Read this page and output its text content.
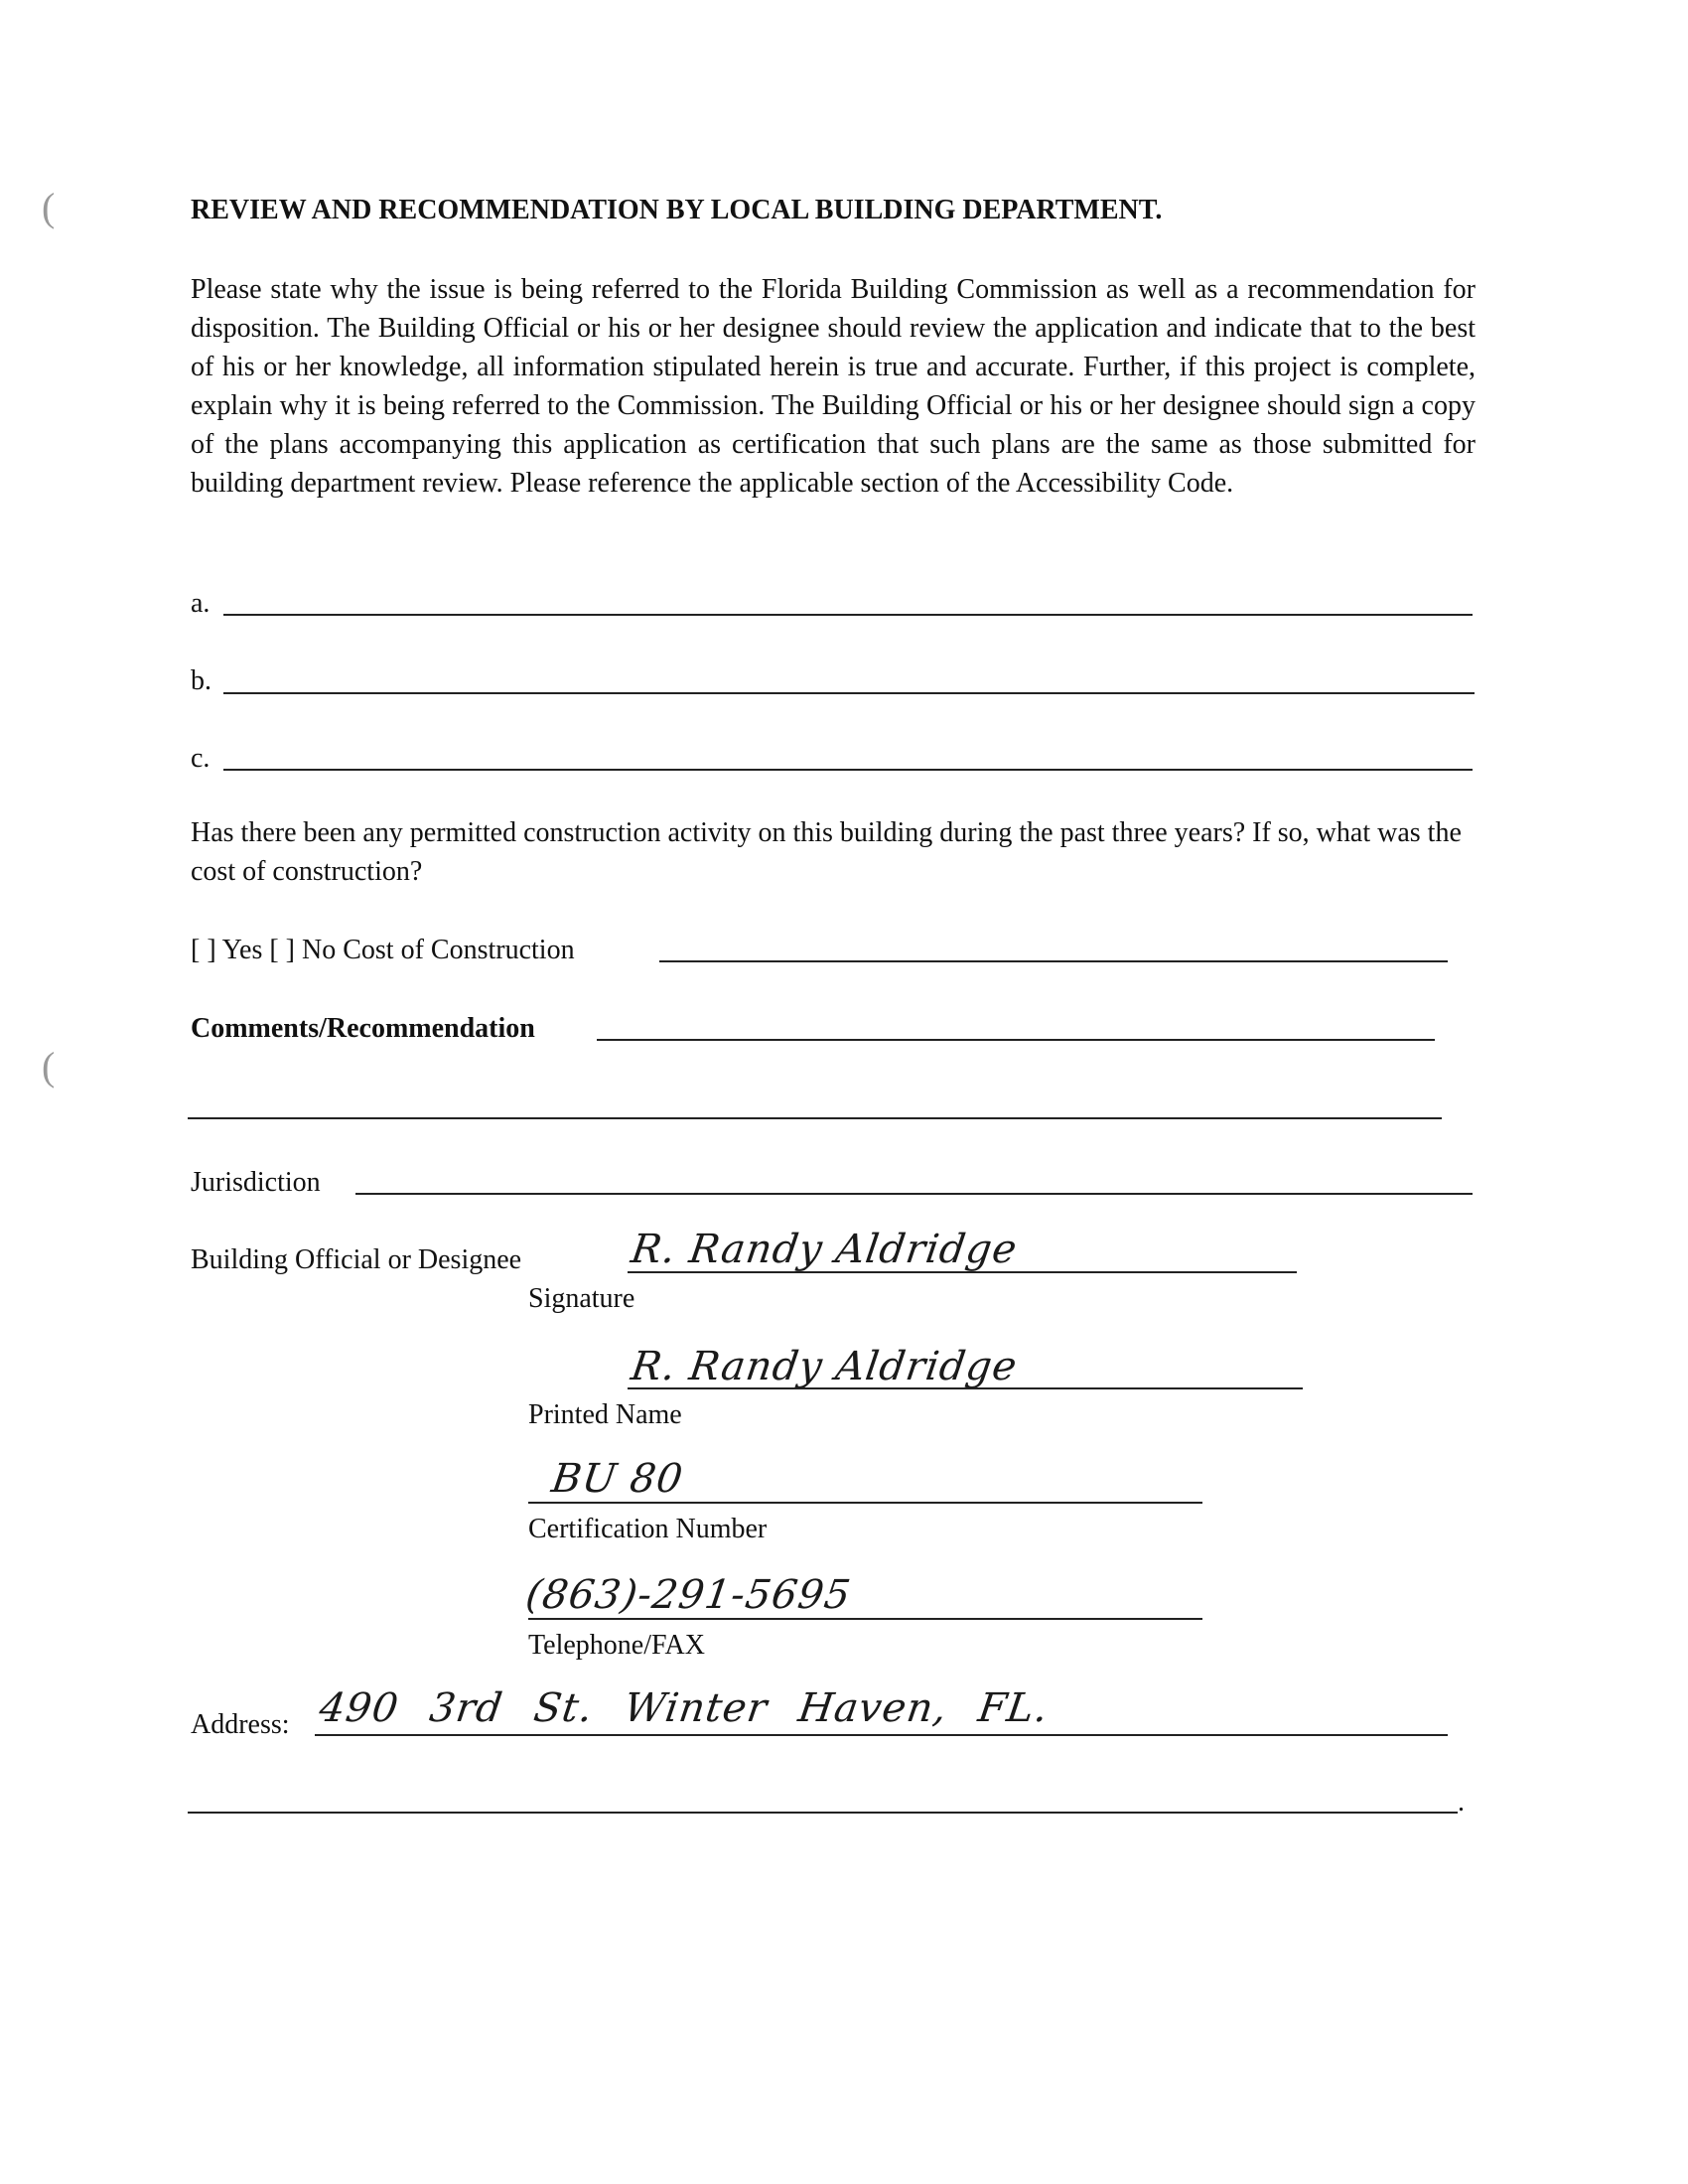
(
(
REVIEW AND RECOMMENDATION BY LOCAL BUILDING DEPARTMENT.
Please state why the issue is being referred to the Florida Building Commission as well as a recommendation for disposition. The Building Official or his or her designee should review the application and indicate that to the best of his or her knowledge, all information stipulated herein is true and accurate. Further, if this project is complete, explain why it is being referred to the Commission. The Building Official or his or her designee should sign a copy of the plans accompanying this application as certification that such plans are the same as those submitted for building department review. Please reference the applicable section of the Accessibility Code.
a.
b.
c.
Has there been any permitted construction activity on this building during the past three years? If so, what was the cost of construction?
[ ] Yes [ ] No Cost of Construction
Comments/Recommendation
Jurisdiction
Building Official or Designee	R. Randy Aldridge
Signature
R. Randy Aldridge
Printed Name
BU 80
Certification Number
(863)-291-5695
Telephone/FAX
Address: 490 3rd St. Winter Haven, FL.
.
